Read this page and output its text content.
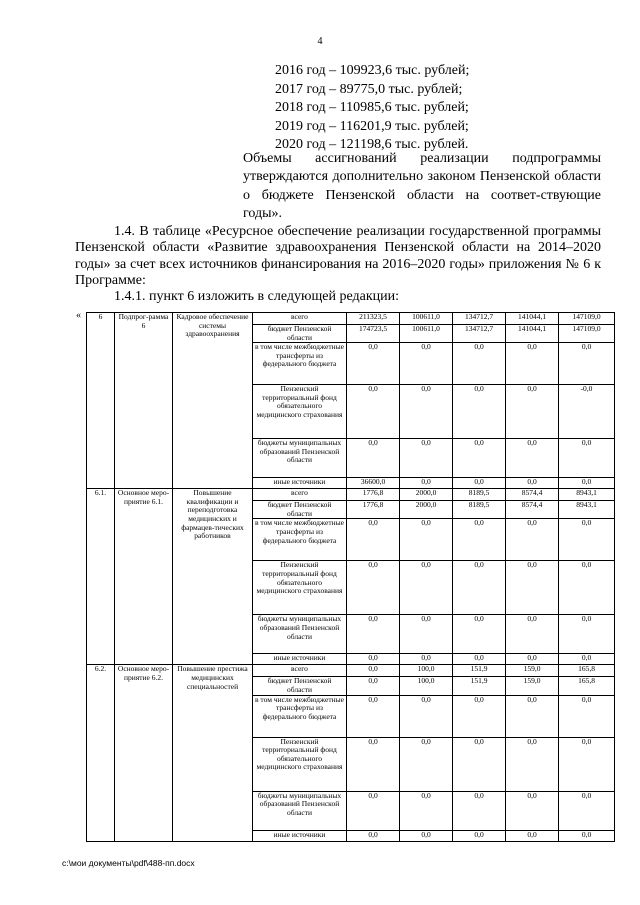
4
2016 год – 109923,6 тыс. рублей;
2017 год – 89775,0 тыс. рублей;
2018 год – 110985,6 тыс. рублей;
2019 год – 116201,9 тыс. рублей;
2020 год – 121198,6 тыс. рублей.
Объемы ассигнований реализации подпрограммы утверждаются дополнительно законом Пензенской области о бюджете Пензенской области на соответ-ствующие годы».
1.4. В таблице «Ресурсное обеспечение реализации государственной программы Пензенской области «Развитие здравоохранения Пензенской области на 2014–2020 годы» за счет всех источников финансирования на 2016–2020 годы» приложения № 6 к Программе:
1.4.1. пункт 6 изложить в следующей редакции:
« 6	Подпрог-рамма 6	Кадровое обеспечение системы здравоохранения	всего	211323,5	100611,0	134712,7	141044,1	147109,0
			бюджет Пензенской области	174723,5	100611,0	134712,7	141044,1	147109,0
			в том числе межбюджетные трансферты из федерального бюджета	0,0	0,0	0,0	0,0	0,0
			Пензенский территориальный фонд обязательного медицинского страхования	0,0	0,0	0,0	0,0	-0,0
			бюджеты муниципальных образований Пензенской области	0,0	0,0	0,0	0,0	0,0
			иные источники	36600,0	0,0	0,0	0,0	0,0
6.1.	Основное меро-приятие 6.1.	Повышение квалификации и переподготовка медицинских и фармацев-тических работников	всего	1776,8	2000,0	8189,5	8574,4	8943,1
			бюджет Пензенской области	1776,8	2000,0	8189,5	8574,4	8943,1
			в том числе межбюджетные трансферты из федерального бюджета	0,0	0,0	0,0	0,0	0,0
			Пензенский территориальный фонд обязательного медицинского страхования	0,0	0,0	0,0	0,0	0,0
			бюджеты муниципальных образований Пензенской области	0,0	0,0	0,0	0,0	0,0
			иные источники	0,0	0,0	0,0	0,0	0,0
6.2.	Основное меро-приятие 6.2.	Повышение престижа медицинских специальностей	всего	0,0	100,0	151,9	159,0	165,8
			бюджет Пензенской области	0,0	100,0	151,9	159,0	165,8
			в том числе межбюджетные трансферты из федерального бюджета	0,0	0,0	0,0	0,0	0,0
			Пензенский территориальный фонд обязательного медицинского страхования	0,0	0,0	0,0	0,0	0,0
			бюджеты муниципальных образований Пензенской области	0,0	0,0	0,0	0,0	0,0
			иные источники	0,0	0,0	0,0	0,0	0,0
c:\мои документы\pdf\488-пп.docx
